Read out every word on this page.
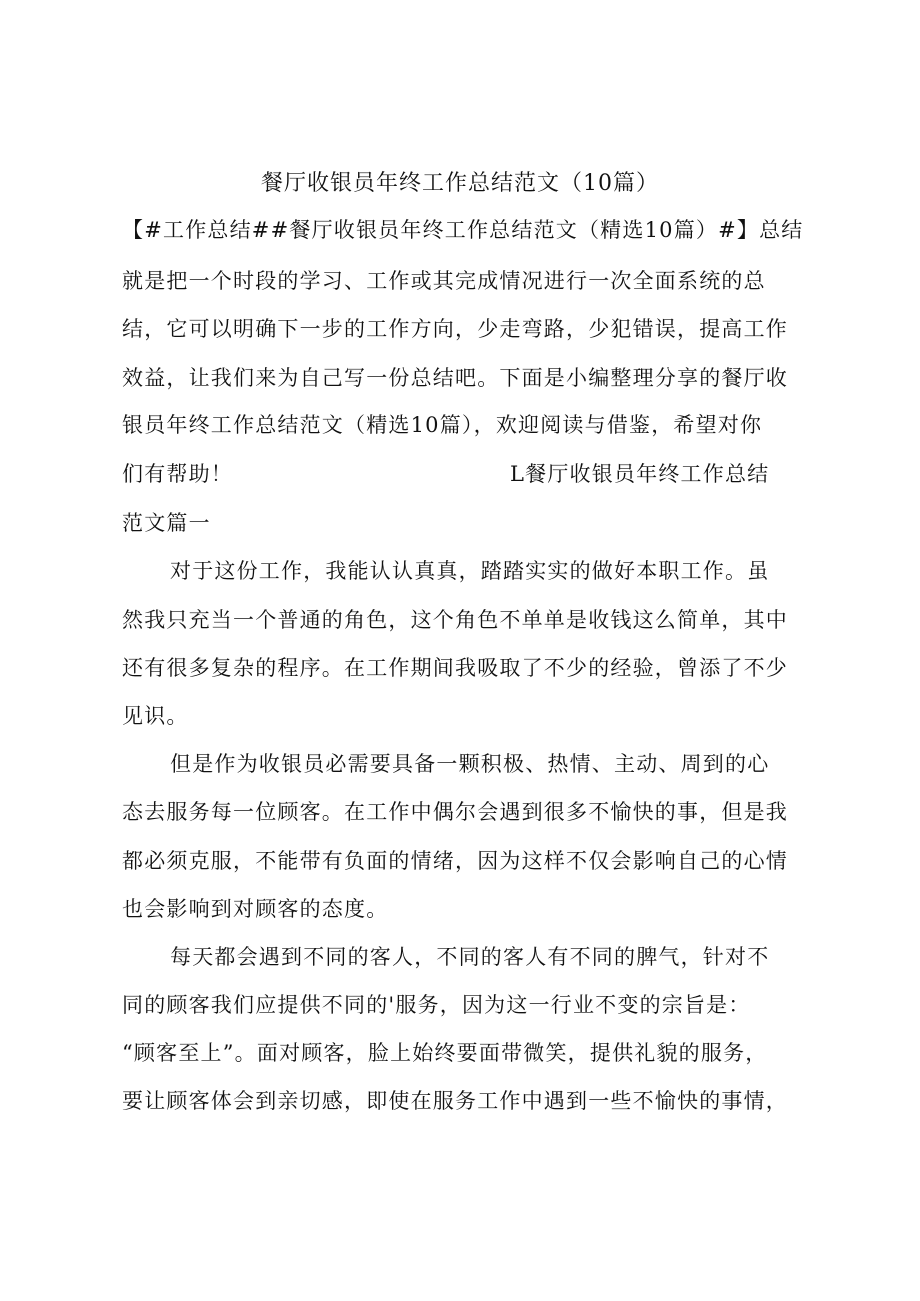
餐厅收银员年终工作总结范文（10篇）
【#工作总结##餐厅收银员年终工作总结范文（精选10篇）#】总结
就是把一个时段的学习、工作或其完成情况进行一次全面系统的总
结，它可以明确下一步的工作方向，少走弯路，少犯错误，提高工作
效益，让我们来为自己写一份总结吧。下面是小编整理分享的餐厅收
银员年终工作总结范文（精选10篇），欢迎阅读与借鉴，希望对你
们有帮助！	L餐厅收银员年终工作总结
范文篇一
对于这份工作，我能认认真真，踏踏实实的做好本职工作。虽
然我只充当一个普通的角色，这个角色不单单是收钱这么简单，其中
还有很多复杂的程序。在工作期间我吸取了不少的经验，曾添了不少
见识。
但是作为收银员必需要具备一颗积极、热情、主动、周到的心
态去服务每一位顾客。在工作中偶尔会遇到很多不愉快的事，但是我
都必须克服，不能带有负面的情绪，因为这样不仅会影响自己的心情
也会影响到对顾客的态度。
每天都会遇到不同的客人，不同的客人有不同的脾气，针对不
同的顾客我们应提供不同的'服务，因为这一行业不变的宗旨是：
“顾客至上”。面对顾客，脸上始终要面带微笑，提供礼貌的服务，
要让顾客体会到亲切感，即使在服务工作中遇到一些不愉快的事情，
